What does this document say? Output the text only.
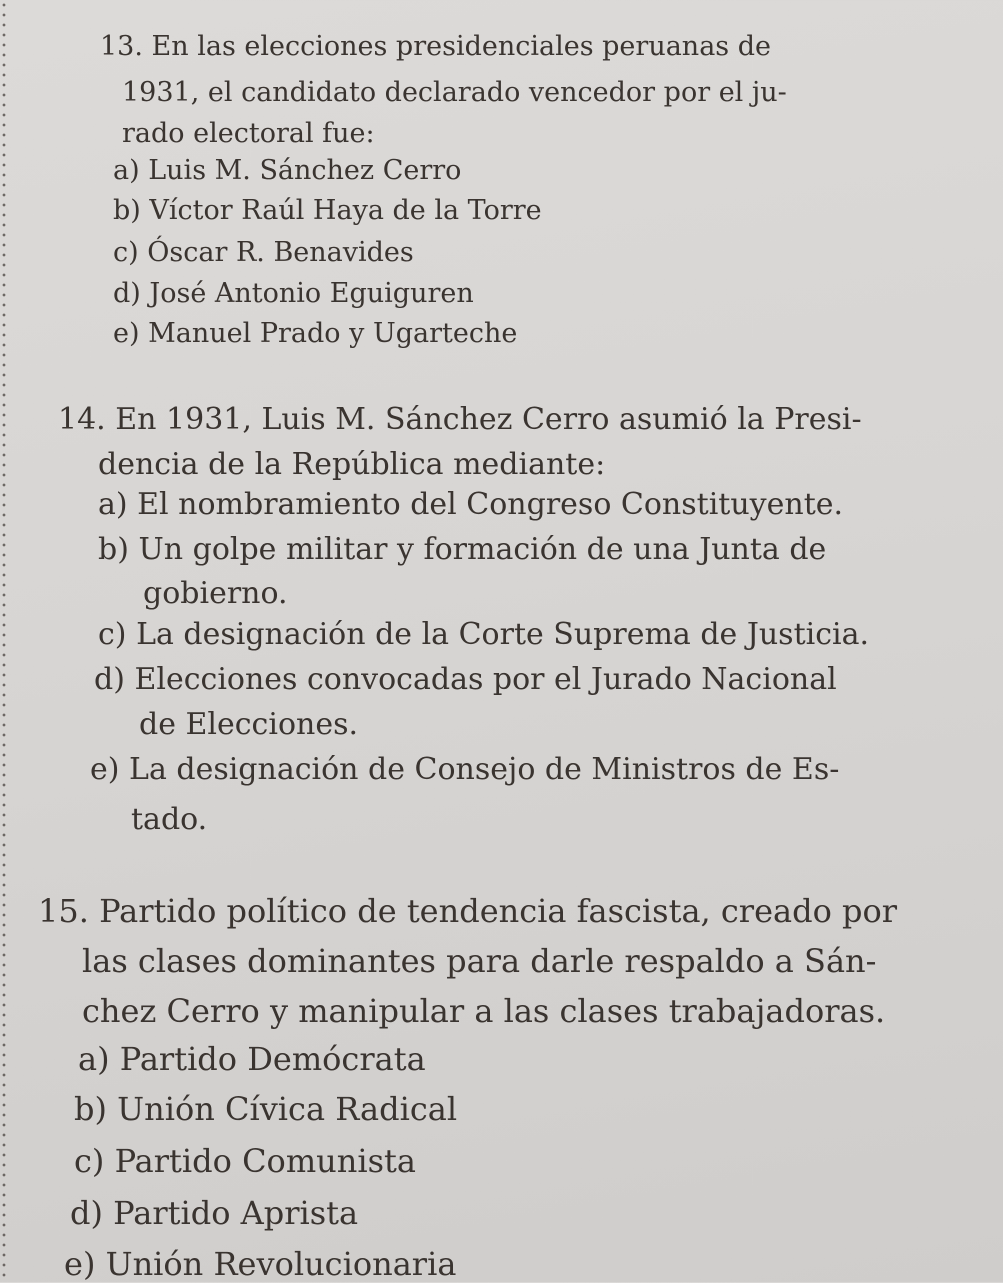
13. En las elecciones presidenciales peruanas de
1931, el candidato declarado vencedor por el ju-
rado electoral fue:
a) Luis M. Sánchez Cerro
b) Víctor Raúl Haya de la Torre
c) Óscar R. Benavides
d) José Antonio Eguiguren
e) Manuel Prado y Ugarteche
14. En 1931, Luis M. Sánchez Cerro asumió la Presi-
dencia de la República mediante:
a) El nombramiento del Congreso Constituyente.
b) Un golpe militar y formación de una Junta de
gobierno.
c) La designación de la Corte Suprema de Justicia.
d) Elecciones convocadas por el Jurado Nacional
de Elecciones.
e) La designación de Consejo de Ministros de Es-
tado.
15. Partido político de tendencia fascista, creado por
las clases dominantes para darle respaldo a Sán-
chez Cerro y manipular a las clases trabajadoras.
a) Partido Demócrata
b) Unión Cívica Radical
c) Partido Comunista
d) Partido Aprista
e) Unión Revolucionaria
